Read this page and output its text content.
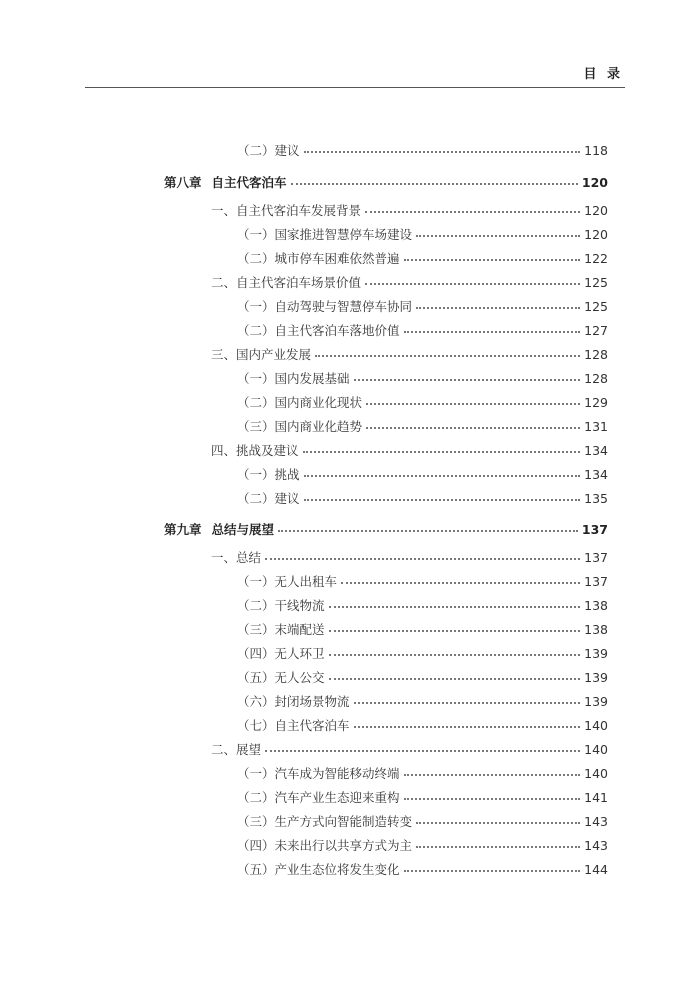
目 录
（二）建议	118
第八章 自主代客泊车	120
一、自主代客泊车发展背景	120
（一）国家推进智慧停车场建设	120
（二）城市停车困难依然普遍	122
二、自主代客泊车场景价值	125
（一）自动驾驶与智慧停车协同	125
（二）自主代客泊车落地价值	127
三、国内产业发展	128
（一）国内发展基础	128
（二）国内商业化现状	129
（三）国内商业化趋势	131
四、挑战及建议	134
（一）挑战	134
（二）建议	135
第九章 总结与展望	137
一、总结	137
（一）无人出租车	137
（二）干线物流	138
（三）末端配送	138
（四）无人环卫	139
（五）无人公交	139
（六）封闭场景物流	139
（七）自主代客泊车	140
二、展望	140
（一）汽车成为智能移动终端	140
（二）汽车产业生态迎来重构	141
（三）生产方式向智能制造转变	143
（四）未来出行以共享方式为主	143
（五）产业生态位将发生变化	144
